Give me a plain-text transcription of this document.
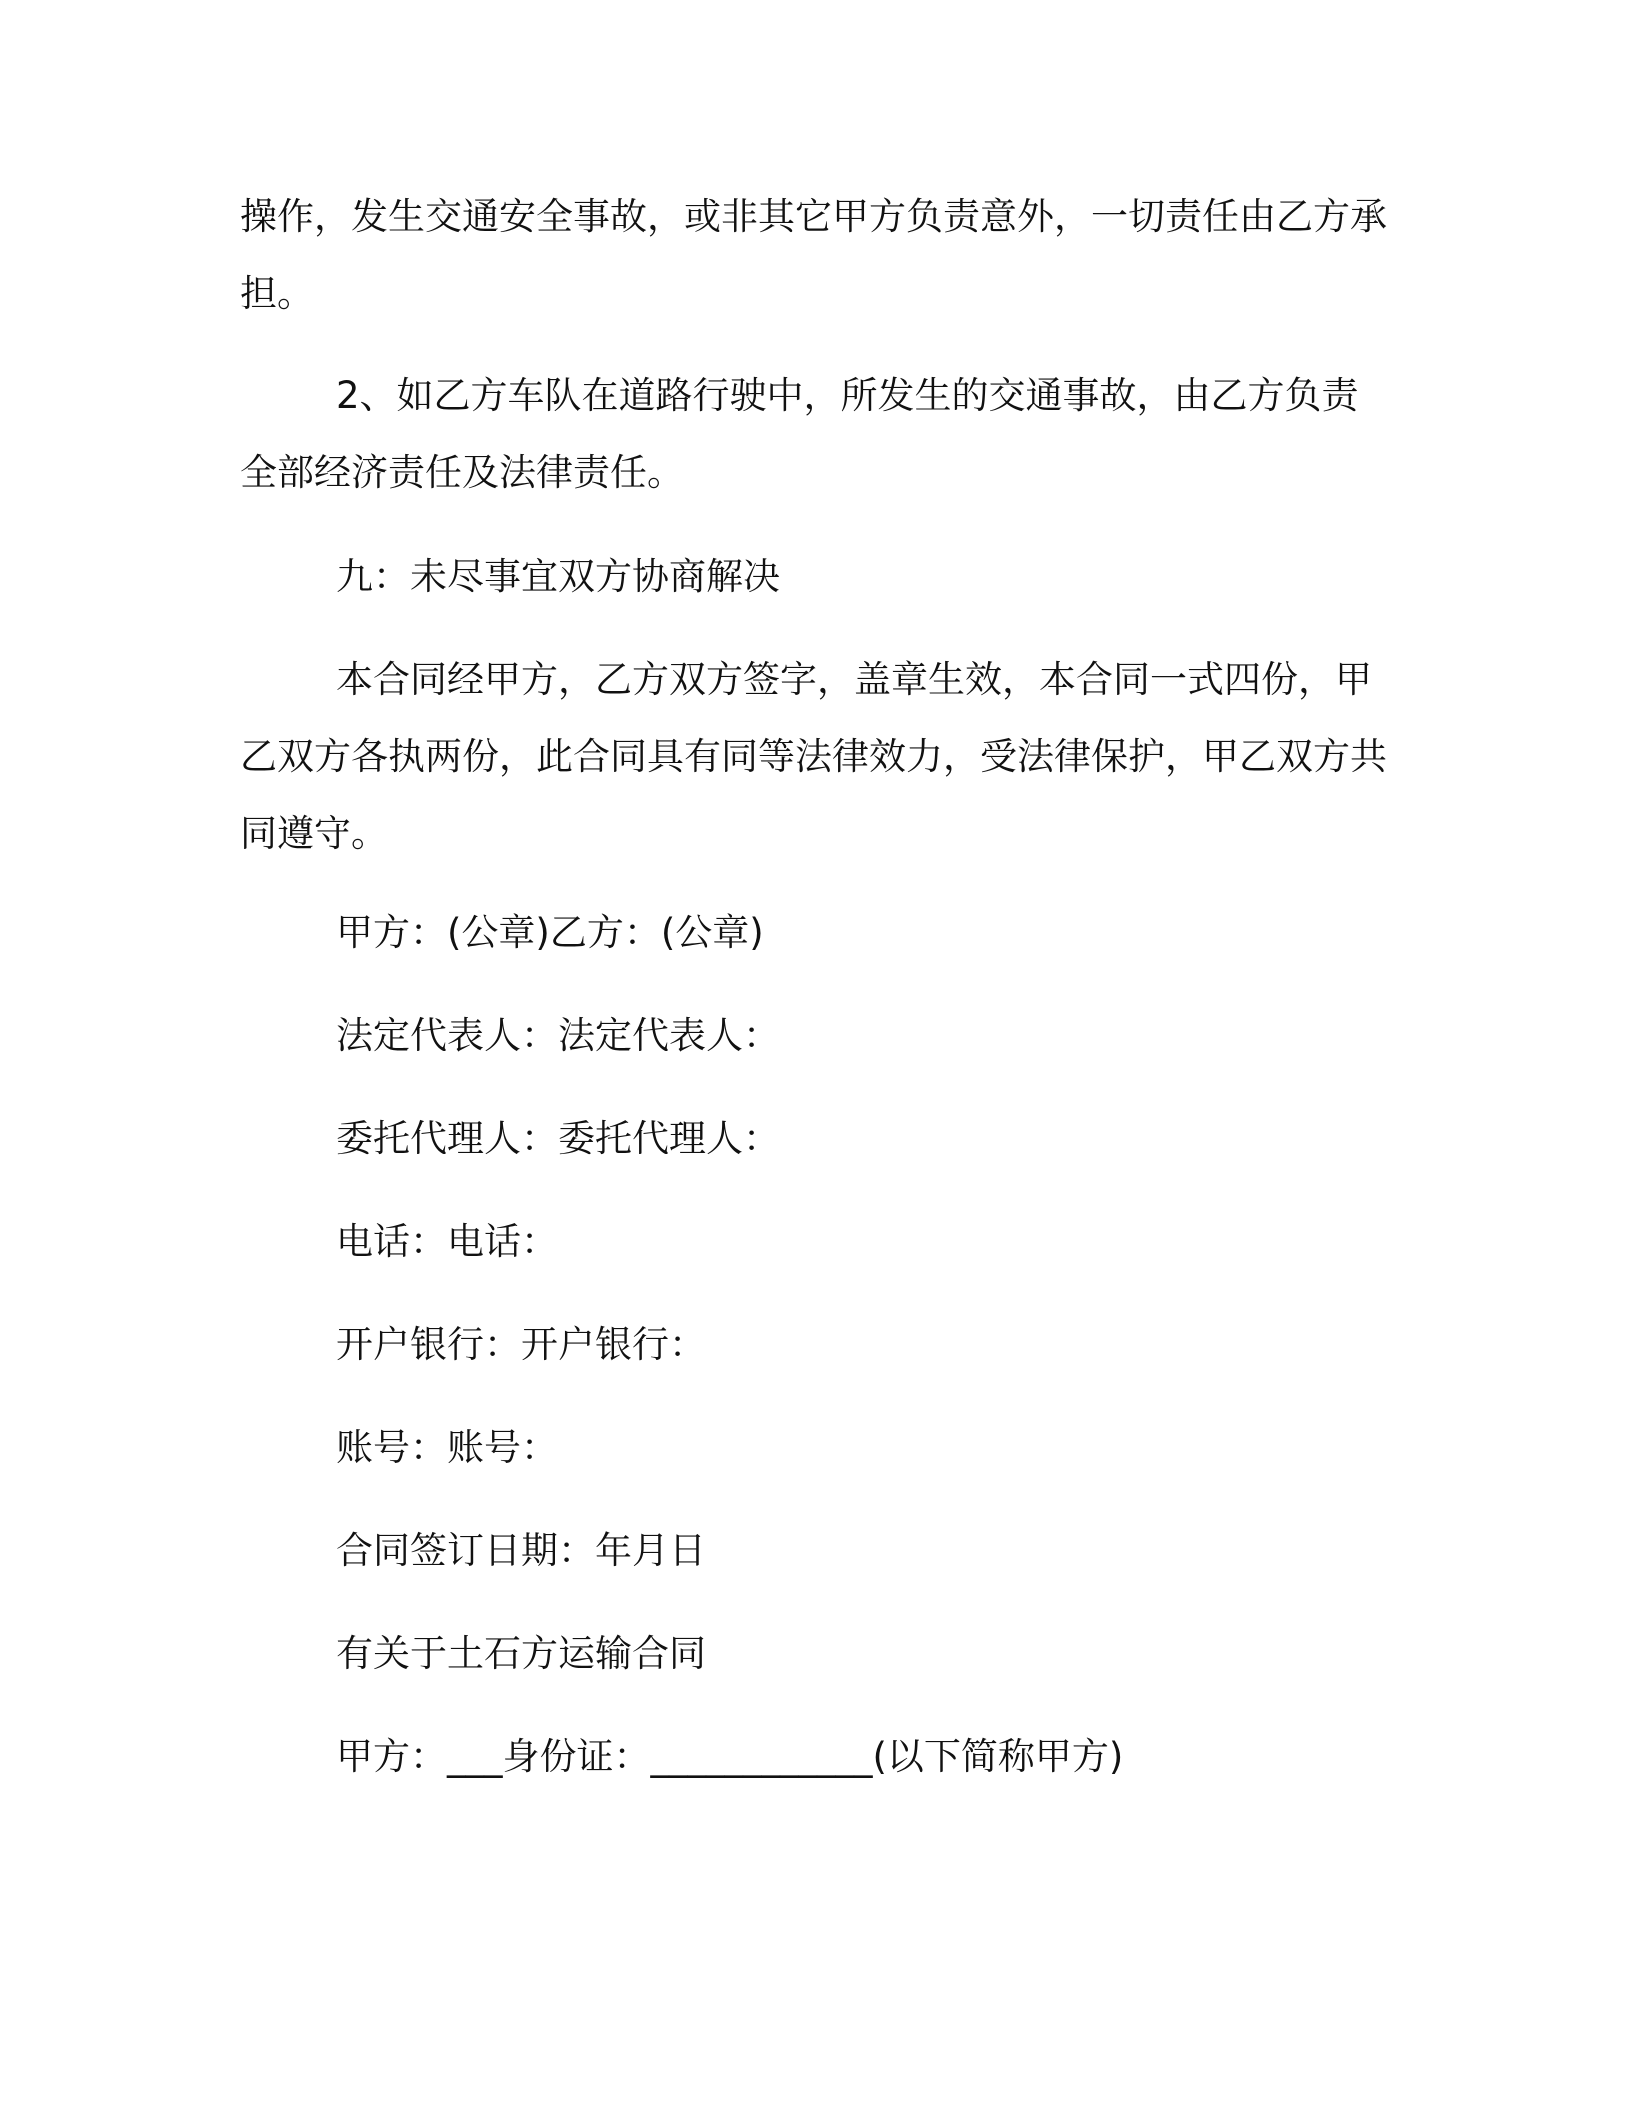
操作，发生交通安全事故，或非其它甲方负责意外，一切责任由乙方承担。

2、如乙方车队在道路行驶中，所发生的交通事故，由乙方负责全部经济责任及法律责任。

九：未尽事宜双方协商解决

本合同经甲方，乙方双方签字，盖章生效，本合同一式四份，甲乙双方各执两份，此合同具有同等法律效力，受法律保护，甲乙双方共同遵守。

甲方：(公章)乙方：(公章)

法定代表人：法定代表人：

委托代理人：委托代理人：

电话：电话：

开户银行：开户银行：

账号：账号：

合同签订日期：年月日

有关于土石方运输合同

甲方：___身份证：____________(以下简称甲方)
